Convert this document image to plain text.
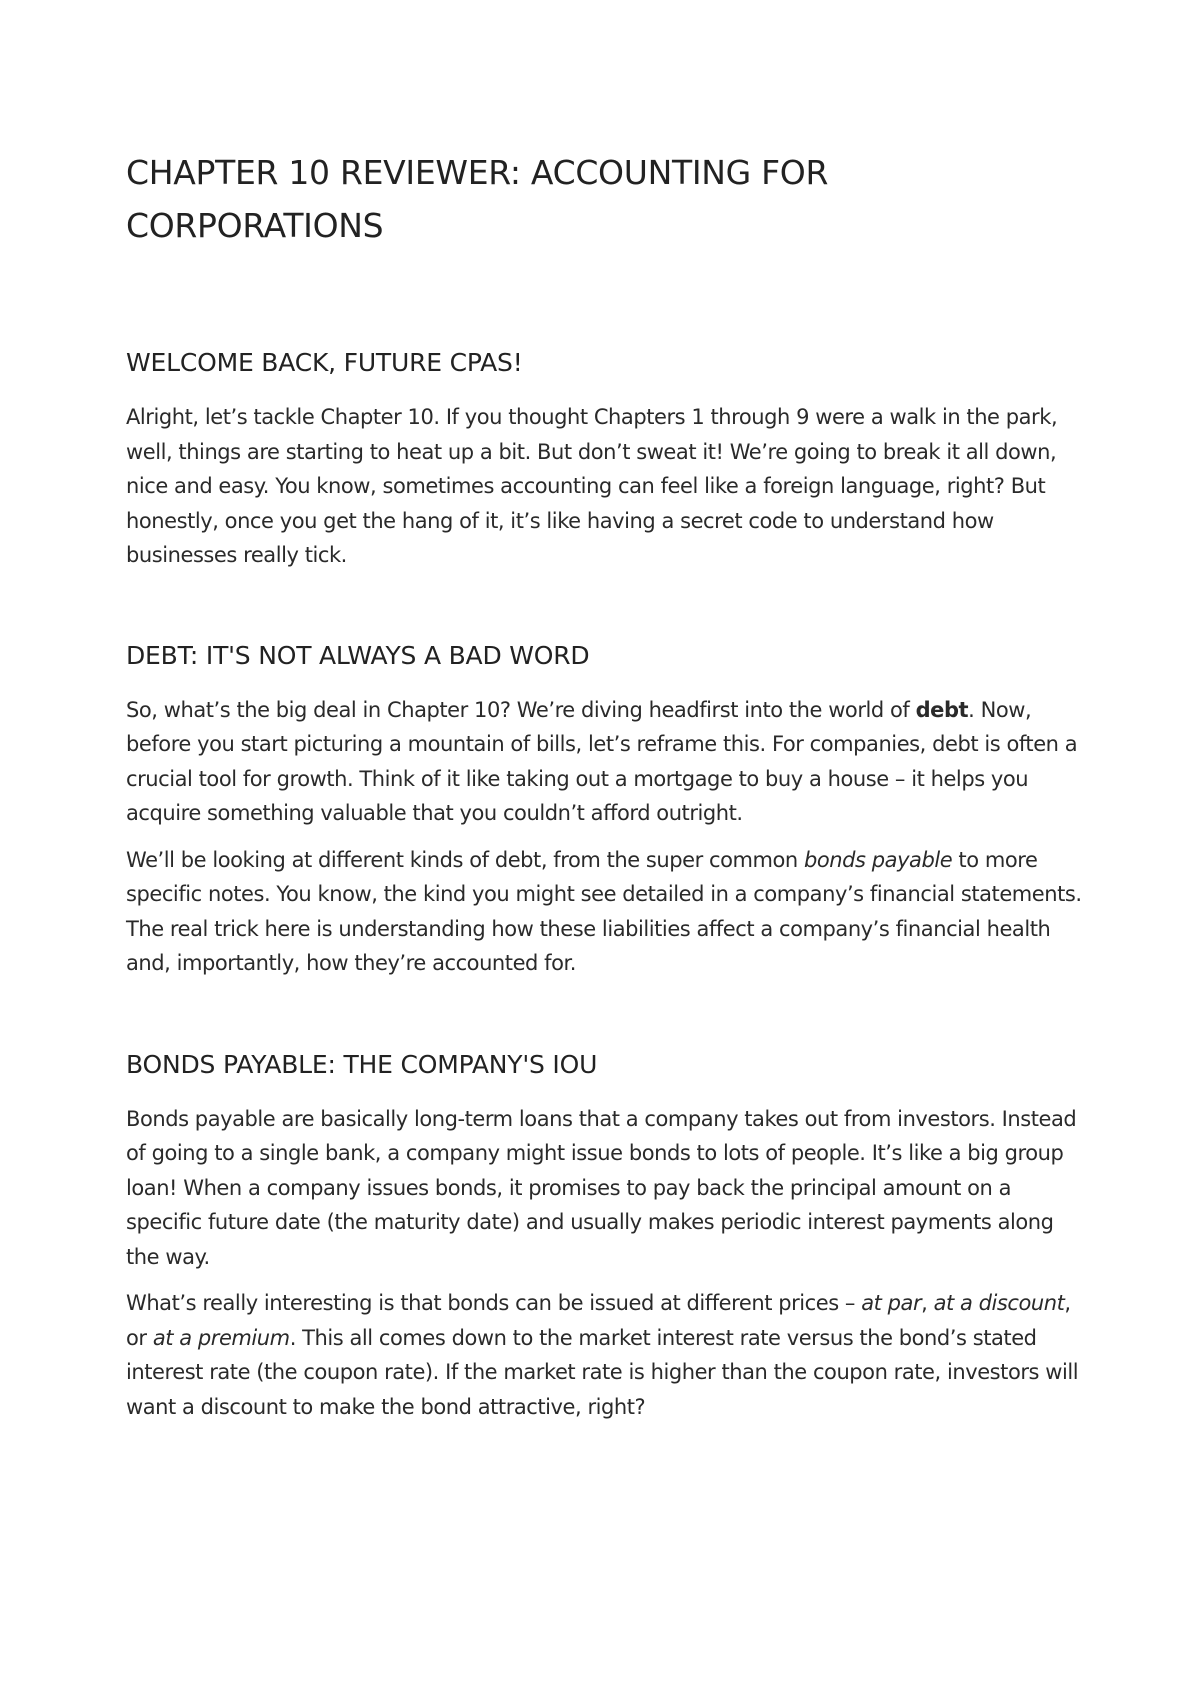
CHAPTER 10 REVIEWER: ACCOUNTING FOR CORPORATIONS
WELCOME BACK, FUTURE CPAS!

Alright, let’s tackle Chapter 10. If you thought Chapters 1 through 9 were a walk in the park, well, things are starting to heat up a bit. But don’t sweat it! We’re going to break it all down, nice and easy. You know, sometimes accounting can feel like a foreign language, right? But honestly, once you get the hang of it, it’s like having a secret code to understand how businesses really tick.

DEBT: IT'S NOT ALWAYS A BAD WORD

So, what’s the big deal in Chapter 10? We’re diving headfirst into the world of debt. Now, before you start picturing a mountain of bills, let’s reframe this. For companies, debt is often a crucial tool for growth. Think of it like taking out a mortgage to buy a house – it helps you acquire something valuable that you couldn’t afford outright.

We’ll be looking at different kinds of debt, from the super common bonds payable to more specific notes. You know, the kind you might see detailed in a company’s financial statements. The real trick here is understanding how these liabilities affect a company’s financial health and, importantly, how they’re accounted for.

BONDS PAYABLE: THE COMPANY'S IOU

Bonds payable are basically long-term loans that a company takes out from investors. Instead of going to a single bank, a company might issue bonds to lots of people. It’s like a big group loan! When a company issues bonds, it promises to pay back the principal amount on a specific future date (the maturity date) and usually makes periodic interest payments along the way.

What’s really interesting is that bonds can be issued at different prices – at par, at a discount, or at a premium. This all comes down to the market interest rate versus the bond’s stated interest rate (the coupon rate). If the market rate is higher than the coupon rate, investors will want a discount to make the bond attractive, right?
